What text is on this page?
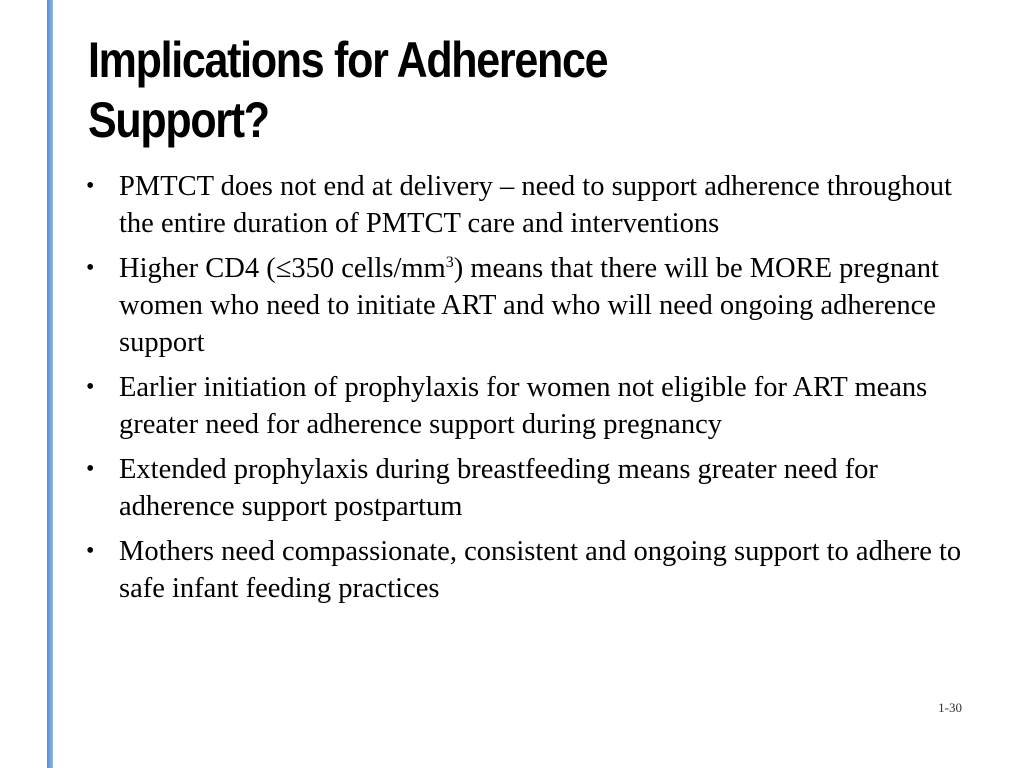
Implications for Adherence
Support?
• PMTCT does not end at delivery – need to support adherence throughout the entire duration of PMTCT care and interventions
• Higher CD4 (≤350 cells/$mm^3$) means that there will be MORE pregnant women who need to initiate ART and who will need ongoing adherence support
• Earlier initiation of prophylaxis for women not eligible for ART means greater need for adherence support during pregnancy
• Extended prophylaxis during breastfeeding means greater need for adherence support postpartum
• Mothers need compassionate, consistent and ongoing support to adhere to safe infant feeding practices
1-30
